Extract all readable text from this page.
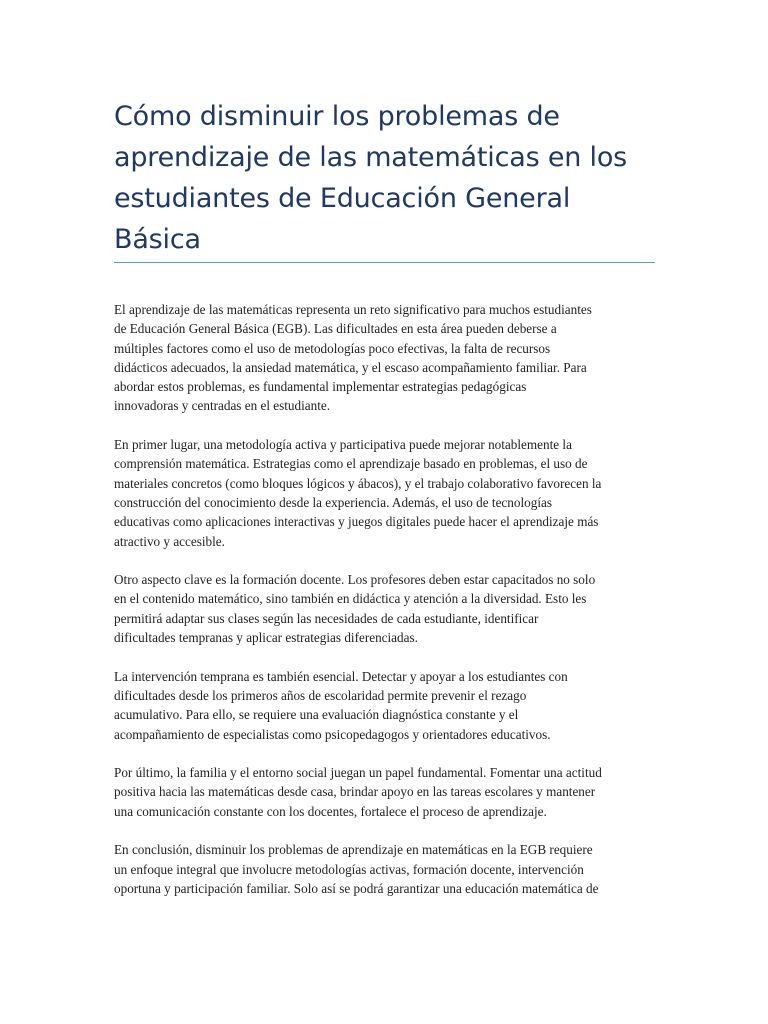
Cómo disminuir los problemas de
aprendizaje de las matemáticas en los
estudiantes de Educación General
Básica

El aprendizaje de las matemáticas representa un reto significativo para muchos estudiantes
de Educación General Básica (EGB). Las dificultades en esta área pueden deberse a
múltiples factores como el uso de metodologías poco efectivas, la falta de recursos
didácticos adecuados, la ansiedad matemática, y el escaso acompañamiento familiar. Para
abordar estos problemas, es fundamental implementar estrategias pedagógicas
innovadoras y centradas en el estudiante.

En primer lugar, una metodología activa y participativa puede mejorar notablemente la
comprensión matemática. Estrategias como el aprendizaje basado en problemas, el uso de
materiales concretos (como bloques lógicos y ábacos), y el trabajo colaborativo favorecen la
construcción del conocimiento desde la experiencia. Además, el uso de tecnologías
educativas como aplicaciones interactivas y juegos digitales puede hacer el aprendizaje más
atractivo y accesible.

Otro aspecto clave es la formación docente. Los profesores deben estar capacitados no solo
en el contenido matemático, sino también en didáctica y atención a la diversidad. Esto les
permitirá adaptar sus clases según las necesidades de cada estudiante, identificar
dificultades tempranas y aplicar estrategias diferenciadas.

La intervención temprana es también esencial. Detectar y apoyar a los estudiantes con
dificultades desde los primeros años de escolaridad permite prevenir el rezago
acumulativo. Para ello, se requiere una evaluación diagnóstica constante y el
acompañamiento de especialistas como psicopedagogos y orientadores educativos.

Por último, la familia y el entorno social juegan un papel fundamental. Fomentar una actitud
positiva hacia las matemáticas desde casa, brindar apoyo en las tareas escolares y mantener
una comunicación constante con los docentes, fortalece el proceso de aprendizaje.

En conclusión, disminuir los problemas de aprendizaje en matemáticas en la EGB requiere
un enfoque integral que involucre metodologías activas, formación docente, intervención
oportuna y participación familiar. Solo así se podrá garantizar una educación matemática de
